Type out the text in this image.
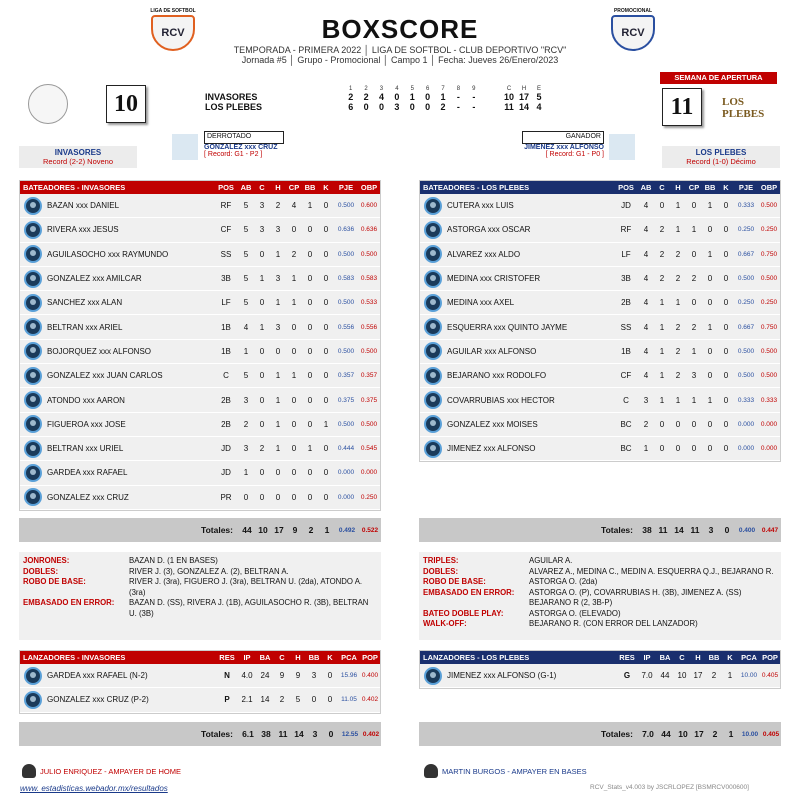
LIGA DE SOFTBOL
RCV
PROMOCIONAL
RCV
BOXSCORE
TEMPORADA - PRIMERA 2022 │ LIGA DE SOFTBOL - CLUB DEPORTIVO "RCV"
Jornada #5 │ Grupo - Promocional │ Campo 1 │ Fecha: Jueves 26/Enero/2023
SEMANA DE APERTURA
10	11	LOS PLEBES
1	2	3	4	5	6	7	8	9	C	H	E
INVASORES	2	2	4	0	1	0	1	-	-	10 17 5
LOS PLEBES	6	0	0	3	0	0	2	-	-	11 14 4
INVASORES
Record (2-2) Noveno
LOS PLEBES
Record (1-0) Décimo
DERROTADO
GONZALEZ xxx CRUZ
[ Record: G1 - P2 ]
GANADOR
JIMENEZ xxx ALFONSO
[ Record: G1 - P0 ]
BATEADORES - INVASORES	POS AB	C	H	CP BB	K	PJE	OBP
BAZAN xxx DANIEL	RF	5	3	2	4	1	0	0.500	0.600
RIVERA xxx JESUS	CF	5	3	3	0	0	0	0.636	0.636
AGUILASOCHO xxx RAYMUNDO	SS	5	0	1	2	0	0	0.500	0.500
GONZALEZ xxx AMILCAR	3B	5	1	3	1	0	0	0.583	0.583
SANCHEZ xxx ALAN	LF	5	0	1	1	0	0	0.500	0.533
BELTRAN xxx ARIEL	1B	4	1	3	0	0	0	0.556	0.556
BOJORQUEZ xxx ALFONSO	1B	1	0	0	0	0	0	0.500	0.500
GONZALEZ xxx JUAN CARLOS	C	5	0	1	1	0	0	0.357	0.357
ATONDO xxx AARON	2B	3	0	1	0	0	0	0.375	0.375
FIGUEROA xxx JOSE	2B	2	0	1	0	0	1	0.500	0.500
BELTRAN xxx URIEL	JD	3	2	1	0	1	0	0.444	0.545
GARDEA xxx RAFAEL	JD	1	0	0	0	0	0	0.000	0.000
GONZALEZ xxx CRUZ	PR	0	0	0	0	0	0	0.000	0.250
Totales:	44 10 17	9	2	1	0.492	0.522
BATEADORES - LOS PLEBES	POS AB	C	H	CP BB	K	PJE	OBP
CUTERA xxx LUIS	JD	4	0	1	0	1	0	0.333	0.500
ASTORGA xxx OSCAR	RF	4	2	1	1	0	0	0.250	0.250
ALVAREZ xxx ALDO	LF	4	2	2	0	1	0	0.667	0.750
MEDINA xxx CRISTOFER	3B	4	2	2	2	0	0	0.500	0.500
MEDINA xxx AXEL	2B	4	1	1	0	0	0	0.250	0.250
ESQUERRA xxx QUINTO JAYME	SS	4	1	2	2	1	0	0.667	0.750
AGUILAR xxx ALFONSO	1B	4	1	2	1	0	0	0.500	0.500
BEJARANO xxx RODOLFO	CF	4	1	2	3	0	0	0.500	0.500
COVARRUBIAS xxx HECTOR	C	3	1	1	1	1	0	0.333	0.333
GONZALEZ xxx MOISES	BC	2	0	0	0	0	0	0.000	0.000
JIMENEZ xxx ALFONSO	BC	1	0	0	0	0	0	0.000	0.000
Totales:	38 11 14 11	3	0	0.400	0.447
JONRONES:	BAZAN D. (1 EN BASES)
DOBLES:	RIVER J. (3), GONZALEZ A. (2), BELTRAN A.
ROBO DE BASE:	RIVER J. (3ra), FIGUERO J. (3ra), BELTRAN U. (2da), ATONDO A. (3ra)
EMBASADO EN ERROR:	BAZAN D. (SS), RIVERA J. (1B), AGUILASOCHO R. (3B), BELTRAN U. (3B)
TRIPLES:	AGUILAR A.
DOBLES:	ALVAREZ A., MEDINA C., MEDIN A. ESQUERRA Q.J., BEJARANO R.
ROBO DE BASE:	ASTORGA O. (2da)
EMBASADO EN ERROR:	ASTORGA O. (P), COVARRUBIAS H. (3B), JIMENEZ A. (SS)
BEJARANO R (2, 3B-P)
BATEO DOBLE PLAY:	ASTORGA O. (ELEVADO)
WALK-OFF:	BEJARANO R. (CON ERROR DEL LANZADOR)
LANZADORES - INVASORES	RES	IP	BA	C	H	BB	K	PCA POP
GARDEA xxx RAFAEL (N-2)	N	4.0 24	9	9	3	0	15.96 0.400
GONZALEZ xxx CRUZ (P-2)	P	2.1 14	2	5	0	0	11.05 0.402
Totales:	6.1 38 11 14	3	0	12.55 0.402
LANZADORES - LOS PLEBES	RES	IP	BA	C	H	BB	K	PCA POP
JIMENEZ xxx ALFONSO (G-1)	G	7.0 44	10 17	2	1	10.00 0.405
Totales:	7.0 44 10 17	2	1	10.00 0.405
JULIO ENRIQUEZ - AMPAYER DE HOME	MARTIN BURGOS - AMPAYER EN BASES
www. estadisticas.webador.mx/resultados	RCV_Stats_v4.003 by JSCRLOPEZ [BSMRCV000600]
